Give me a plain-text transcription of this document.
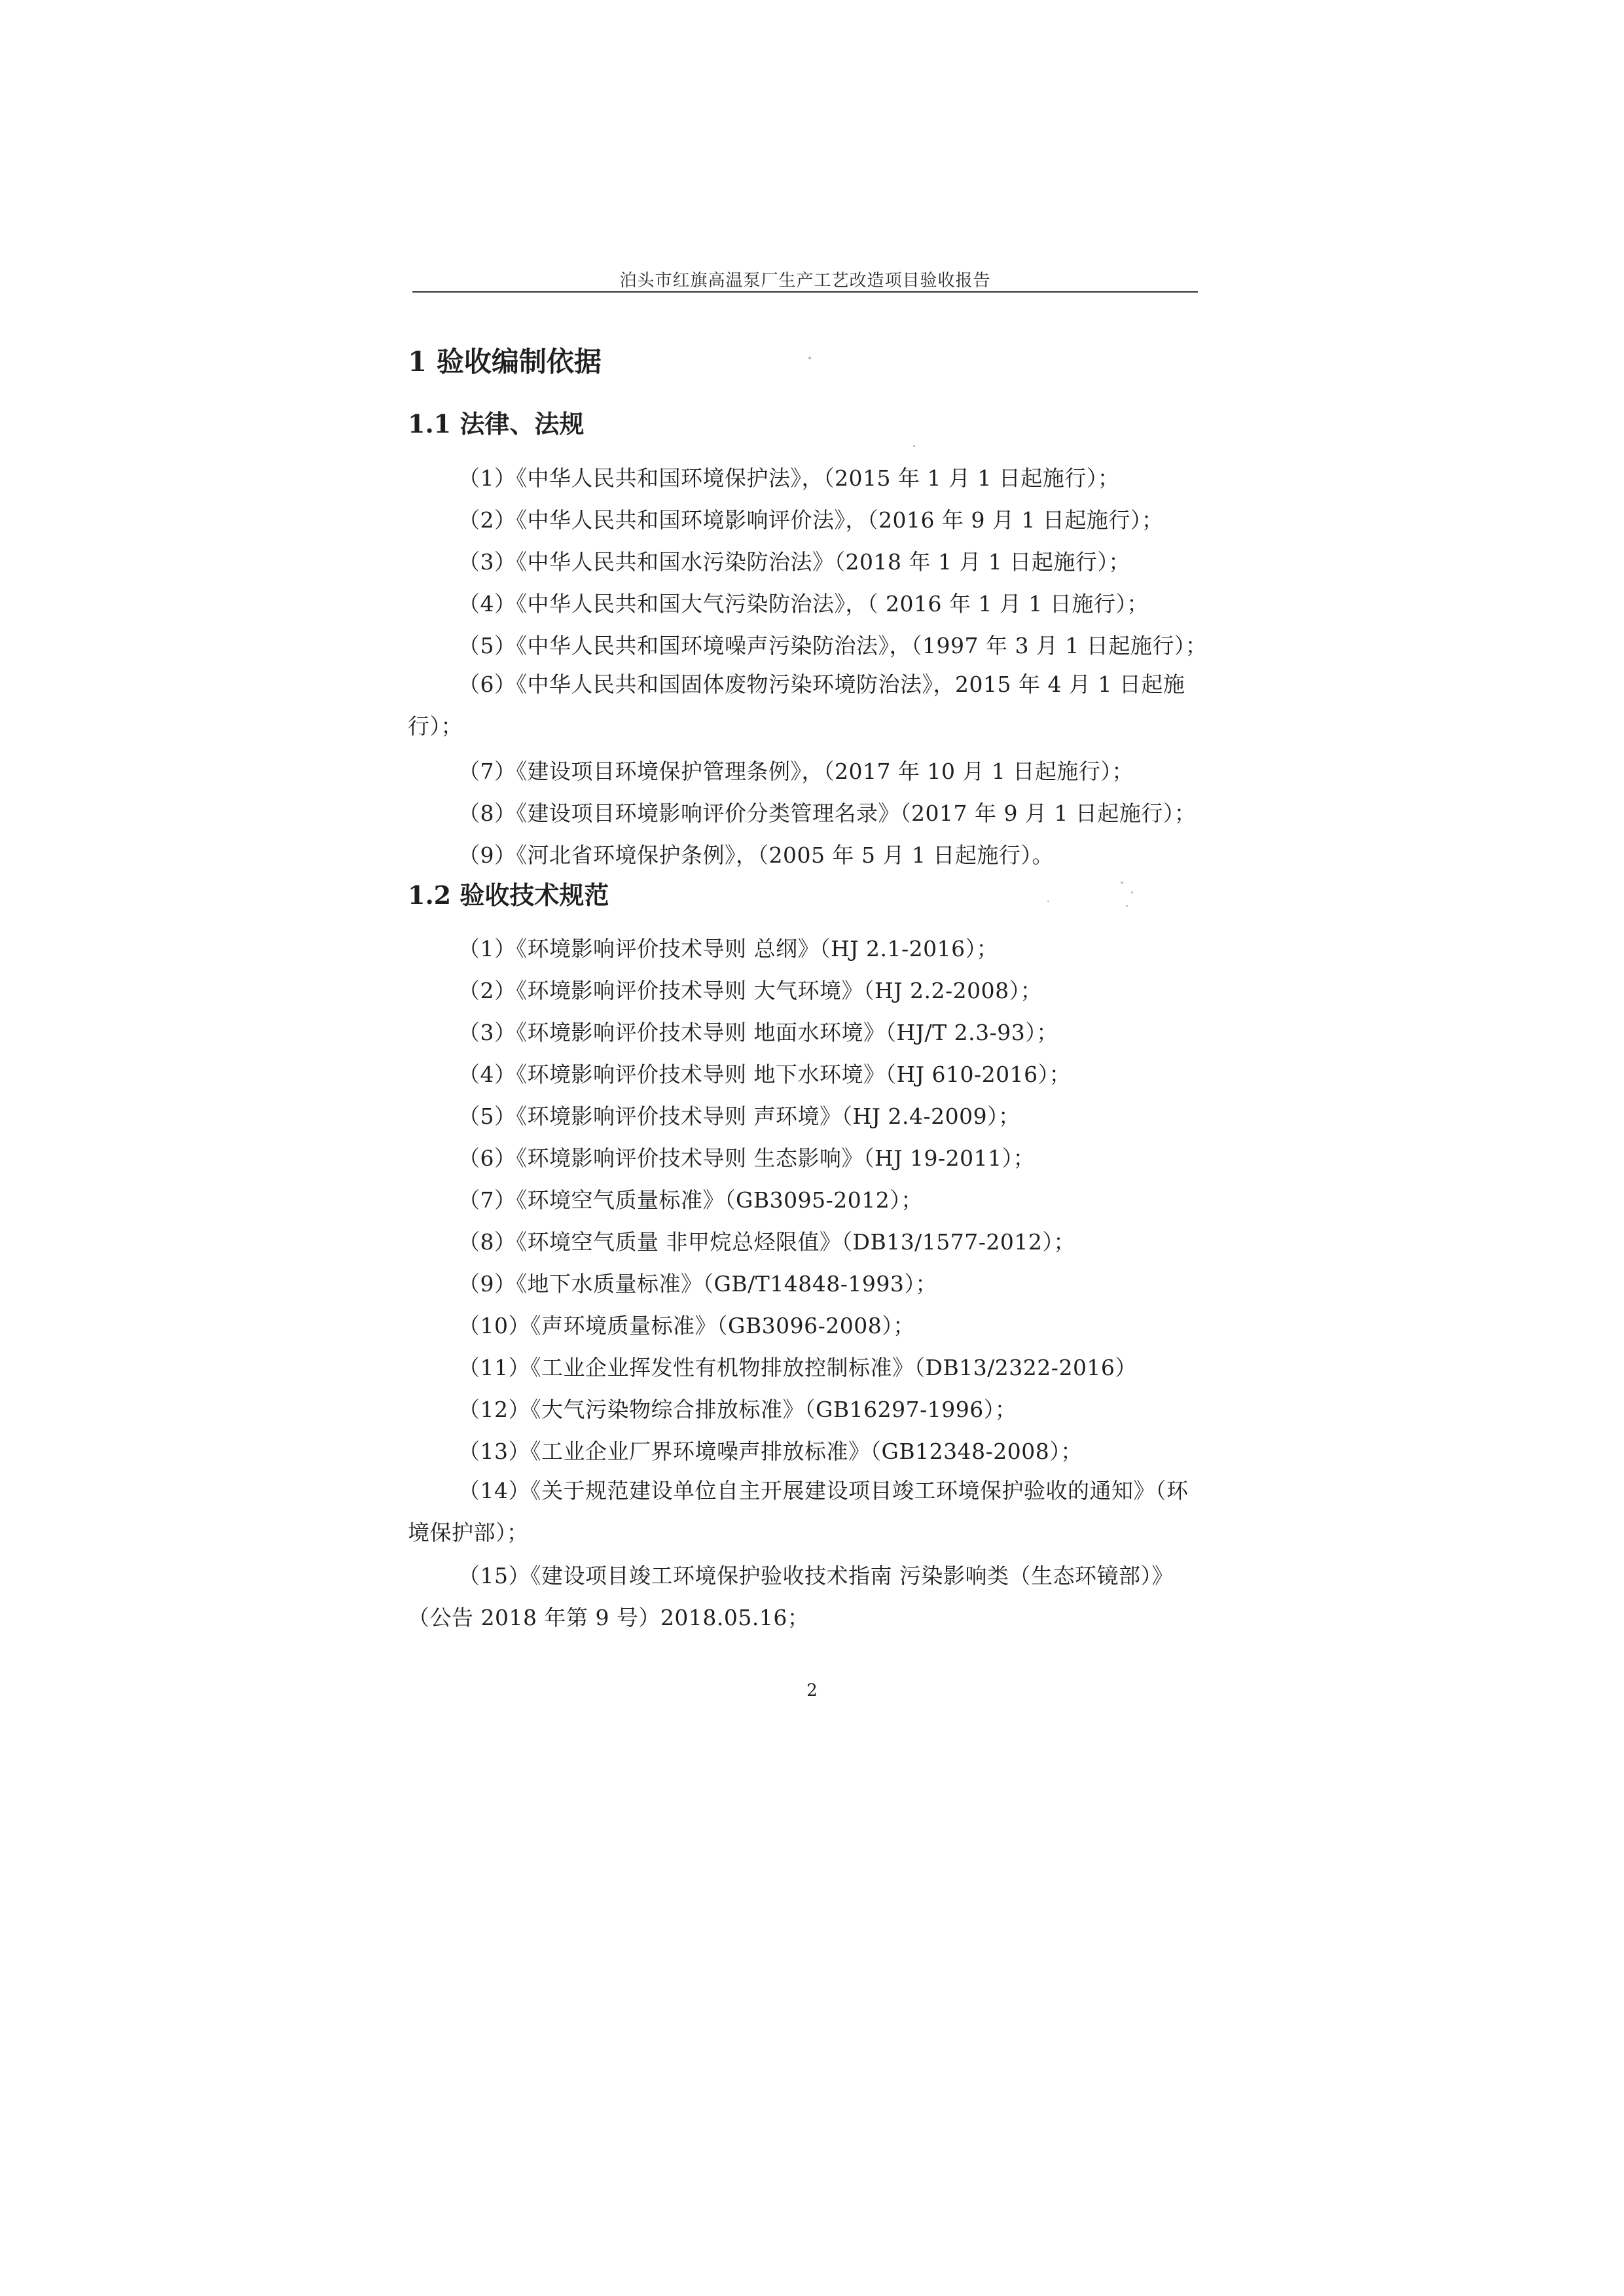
泊头市红旗高温泵厂生产工艺改造项目验收报告
1 验收编制依据
1.1 法律、法规
（1）《中华人民共和国环境保护法》，（2015 年 1 月 1 日起施行）；
（2）《中华人民共和国环境影响评价法》，（2016 年 9 月 1 日起施行）；
（3）《中华人民共和国水污染防治法》（2018 年 1 月 1 日起施行）；
（4）《中华人民共和国大气污染防治法》，（ 2016 年 1 月 1 日施行）；
（5）《中华人民共和国环境噪声污染防治法》，（1997 年 3 月 1 日起施行）；
（6）《中华人民共和国固体废物污染环境防治法》，2015 年 4 月 1 日起施行）；
（7）《建设项目环境保护管理条例》，（2017 年 10 月 1 日起施行）；
（8）《建设项目环境影响评价分类管理名录》（2017 年 9 月 1 日起施行）；
（9）《河北省环境保护条例》，（2005 年 5 月 1 日起施行）。
1.2 验收技术规范
（1）《环境影响评价技术导则 总纲》（HJ 2.1-2016）；
（2）《环境影响评价技术导则 大气环境》（HJ 2.2-2008）；
（3）《环境影响评价技术导则 地面水环境》（HJ/T 2.3-93）；
（4）《环境影响评价技术导则 地下水环境》（HJ 610-2016）；
（5）《环境影响评价技术导则 声环境》（HJ 2.4-2009）；
（6）《环境影响评价技术导则 生态影响》（HJ 19-2011）；
（7）《环境空气质量标准》（GB3095-2012）；
（8）《环境空气质量 非甲烷总烃限值》（DB13/1577-2012）；
（9）《地下水质量标准》（GB/T14848-1993）；
（10）《声环境质量标准》（GB3096-2008）；
（11）《工业企业挥发性有机物排放控制标准》（DB13/2322-2016）
（12）《大气污染物综合排放标准》（GB16297-1996）；
（13）《工业企业厂界环境噪声排放标准》（GB12348-2008）；
（14）《关于规范建设单位自主开展建设项目竣工环境保护验收的通知》（环境保护部）；
（15）《建设项目竣工环境保护验收技术指南 污染影响类（生态环镜部）》（公告 2018 年第 9 号）2018.05.16；
2
